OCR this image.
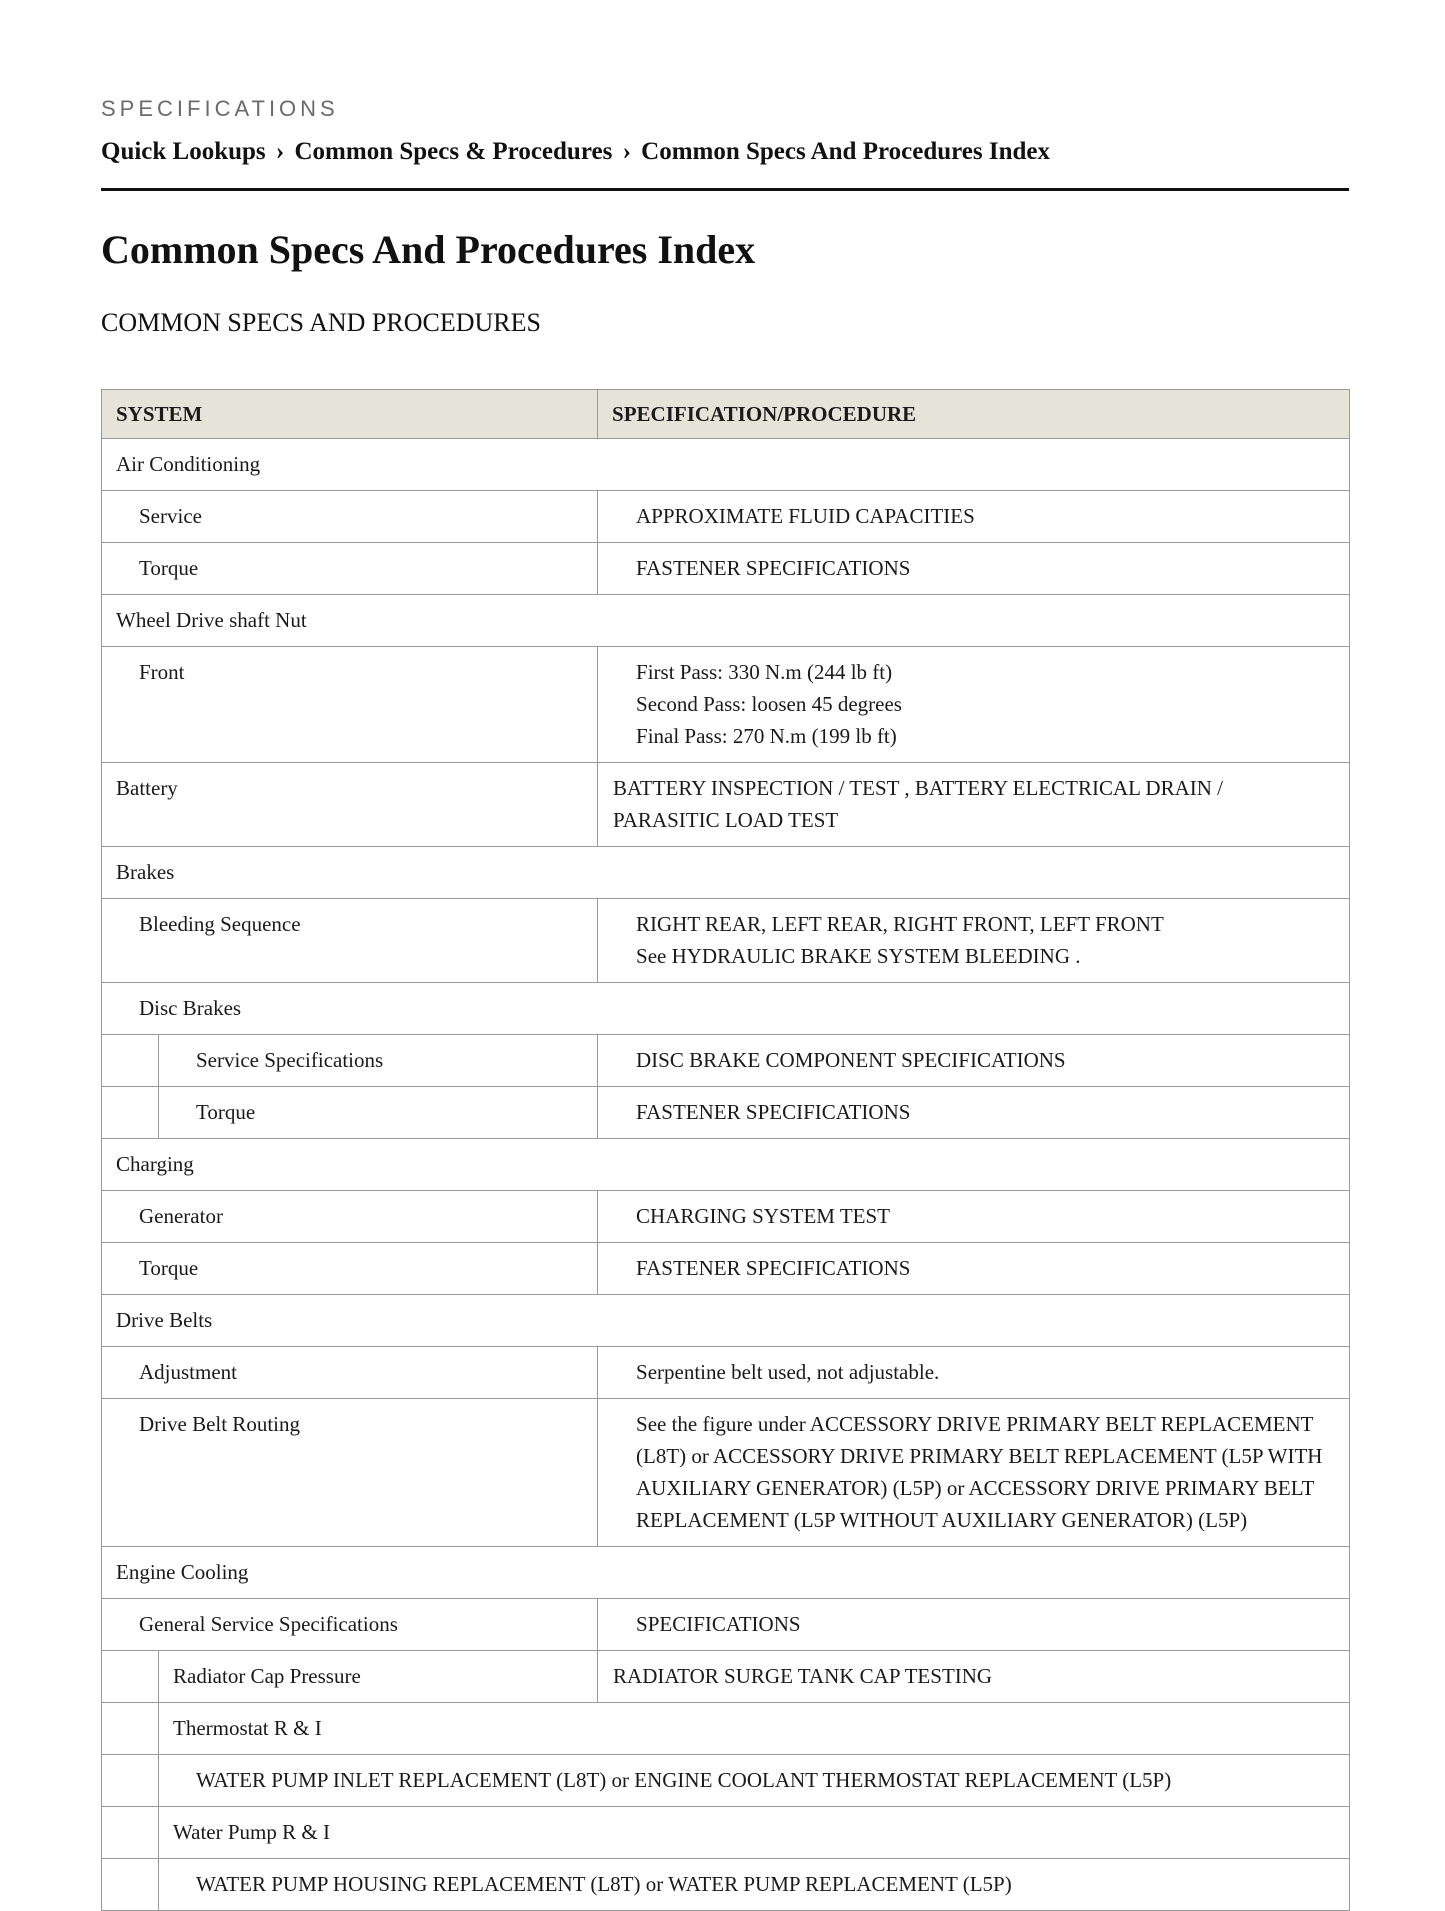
SPECIFICATIONS
Quick Lookups › Common Specs & Procedures › Common Specs And Procedures Index
Common Specs And Procedures Index
COMMON SPECS AND PROCEDURES
SYSTEM		SPECIFICATION/PROCEDURE

Air Conditioning		

Service		APPROXIMATE FLUID CAPACITIES

Torque		FASTENER SPECIFICATIONS

Wheel Drive shaft Nut		

Front		First Pass: 330 N.m (244 lb ft)
Second Pass: loosen 45 degrees
Final Pass: 270 N.m (199 lb ft)

Battery		BATTERY INSPECTION / TEST , BATTERY ELECTRICAL DRAIN /
PARASITIC LOAD TEST

Brakes		

Bleeding Sequence		RIGHT REAR, LEFT REAR, RIGHT FRONT, LEFT FRONT
See HYDRAULIC BRAKE SYSTEM BLEEDING .

Disc Brakes		

	Service Specifications	DISC BRAKE COMPONENT SPECIFICATIONS

	Torque	FASTENER SPECIFICATIONS

Charging		

Generator		CHARGING SYSTEM TEST

Torque		FASTENER SPECIFICATIONS

Drive Belts		

Adjustment		Serpentine belt used, not adjustable.

Drive Belt Routing		See the figure under ACCESSORY DRIVE PRIMARY BELT REPLACEMENT
(L8T) or ACCESSORY DRIVE PRIMARY BELT REPLACEMENT (L5P WITH
AUXILIARY GENERATOR) (L5P) or ACCESSORY DRIVE PRIMARY BELT
REPLACEMENT (L5P WITHOUT AUXILIARY GENERATOR) (L5P)

Engine Cooling		

General Service Specifications		SPECIFICATIONS

	Radiator Cap Pressure	RADIATOR SURGE TANK CAP TESTING

	Thermostat R & I	

	WATER PUMP INLET REPLACEMENT (L8T) or ENGINE COOLANT THERMOSTAT REPLACEMENT (L5P)	

	Water Pump R & I	

	WATER PUMP HOUSING REPLACEMENT (L8T) or WATER PUMP REPLACEMENT (L5P)	
